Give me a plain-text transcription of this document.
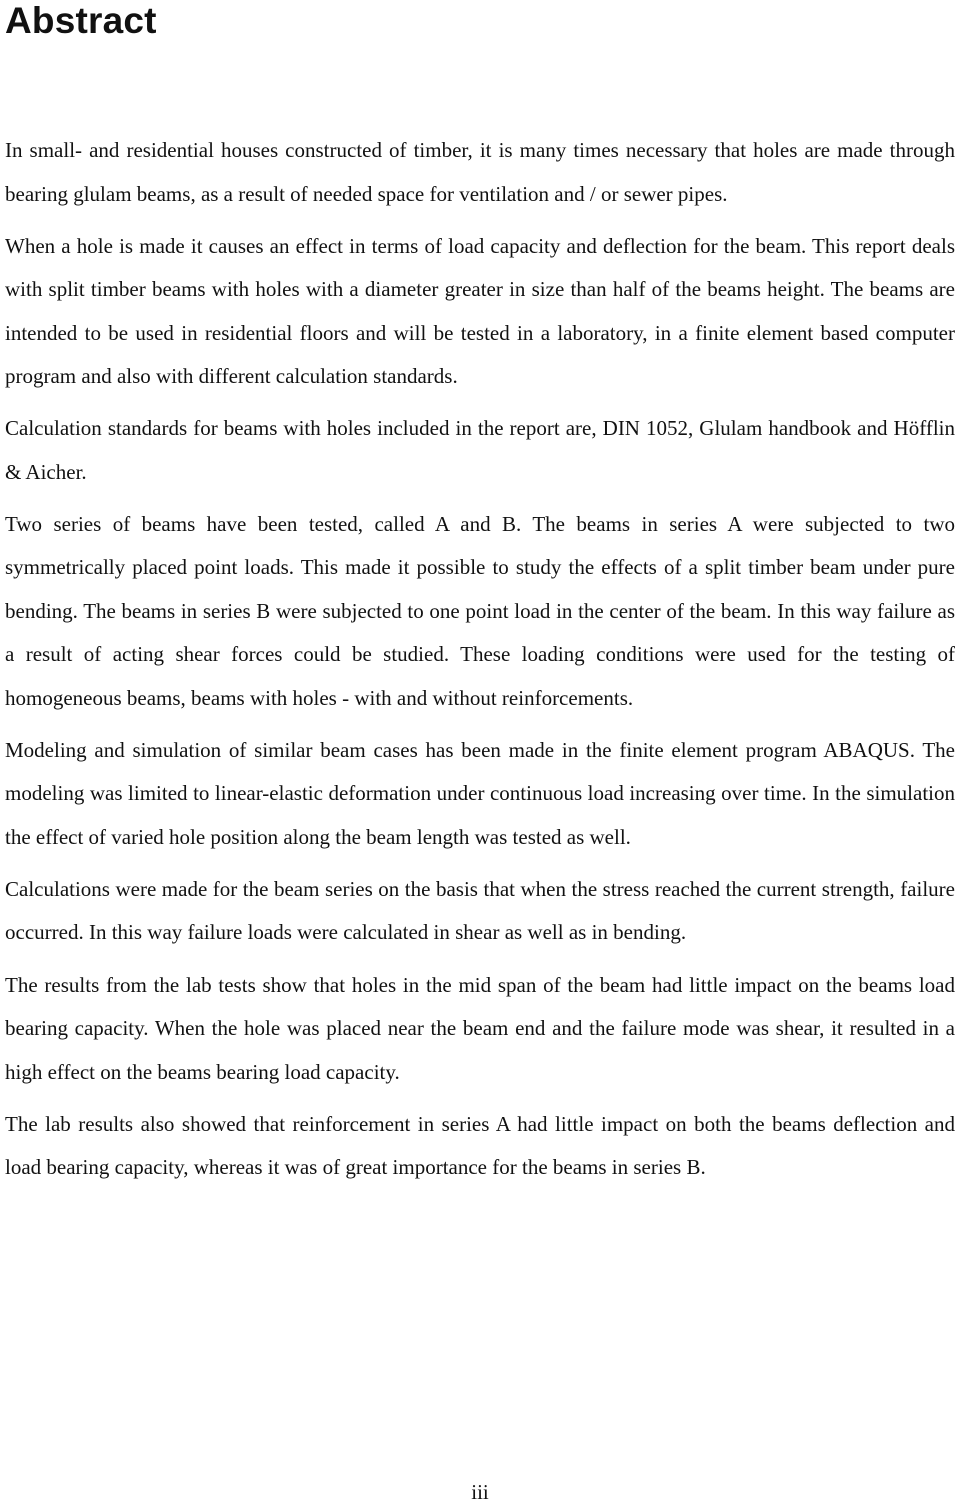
Abstract

In small- and residential houses constructed of timber, it is many times necessary that holes are made through bearing glulam beams, as a result of needed space for ventilation and / or sewer pipes.

When a hole is made it causes an effect in terms of load capacity and deflection for the beam. This report deals with split timber beams with holes with a diameter greater in size than half of the beams height. The beams are intended to be used in residential floors and will be tested in a laboratory, in a finite element based computer program and also with different calculation standards.

Calculation standards for beams with holes included in the report are, DIN 1052, Glulam handbook and Höfflin & Aicher.

Two series of beams have been tested, called A and B. The beams in series A were subjected to two symmetrically placed point loads. This made it possible to study the effects of a split timber beam under pure bending. The beams in series B were subjected to one point load in the center of the beam. In this way failure as a result of acting shear forces could be studied. These loading conditions were used for the testing of homogeneous beams, beams with holes - with and without reinforcements.

Modeling and simulation of similar beam cases has been made in the finite element program ABAQUS. The modeling was limited to linear-elastic deformation under continuous load increasing over time. In the simulation the effect of varied hole position along the beam length was tested as well.

Calculations were made for the beam series on the basis that when the stress reached the current strength, failure occurred. In this way failure loads were calculated in shear as well as in bending.

The results from the lab tests show that holes in the mid span of the beam had little impact on the beams load bearing capacity. When the hole was placed near the beam end and the failure mode was shear, it resulted in a high effect on the beams bearing load capacity.

The lab results also showed that reinforcement in series A had little impact on both the beams deflection and load bearing capacity, whereas it was of great importance for the beams in series B.

iii
